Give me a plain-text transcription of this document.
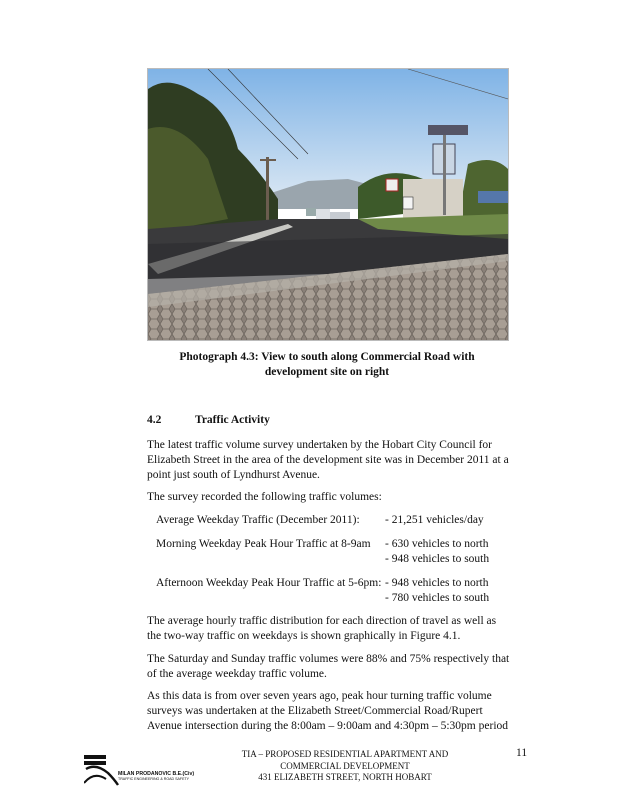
Photograph 4.3: View to south along Commercial Road with
development site on right
4.2	Traffic Activity
The latest traffic volume survey undertaken by the Hobart City Council for
Elizabeth Street in the area of the development site was in December 2011 at a
point just south of Lyndhurst Avenue.
The survey recorded the following traffic volumes:
Average Weekday Traffic (December 2011): - 21,251 vehicles/day
Morning Weekday Peak Hour Traffic at 8-9am - 630 vehicles to north
- 948 vehicles to south
Afternoon Weekday Peak Hour Traffic at 5-6pm: - 948 vehicles to north
- 780 vehicles to south
The average hourly traffic distribution for each direction of travel as well as
the two-way traffic on weekdays is shown graphically in Figure 4.1.
The Saturday and Sunday traffic volumes were 88% and 75% respectively that
of the average weekday traffic volume.
As this data is from over seven years ago, peak hour turning traffic volume
surveys was undertaken at the Elizabeth Street/Commercial Road/Rupert
Avenue intersection during the 8:00am – 9:00am and 4:30pm – 5:30pm period
MILAN PRODANOVIC B.E.(Civ)
TRAFFIC ENGINEERING & ROAD SAFETY
TIA – PROPOSED RESIDENTIAL APARTMENT AND
COMMERCIAL DEVELOPMENT
431 ELIZABETH STREET, NORTH HOBART
11
